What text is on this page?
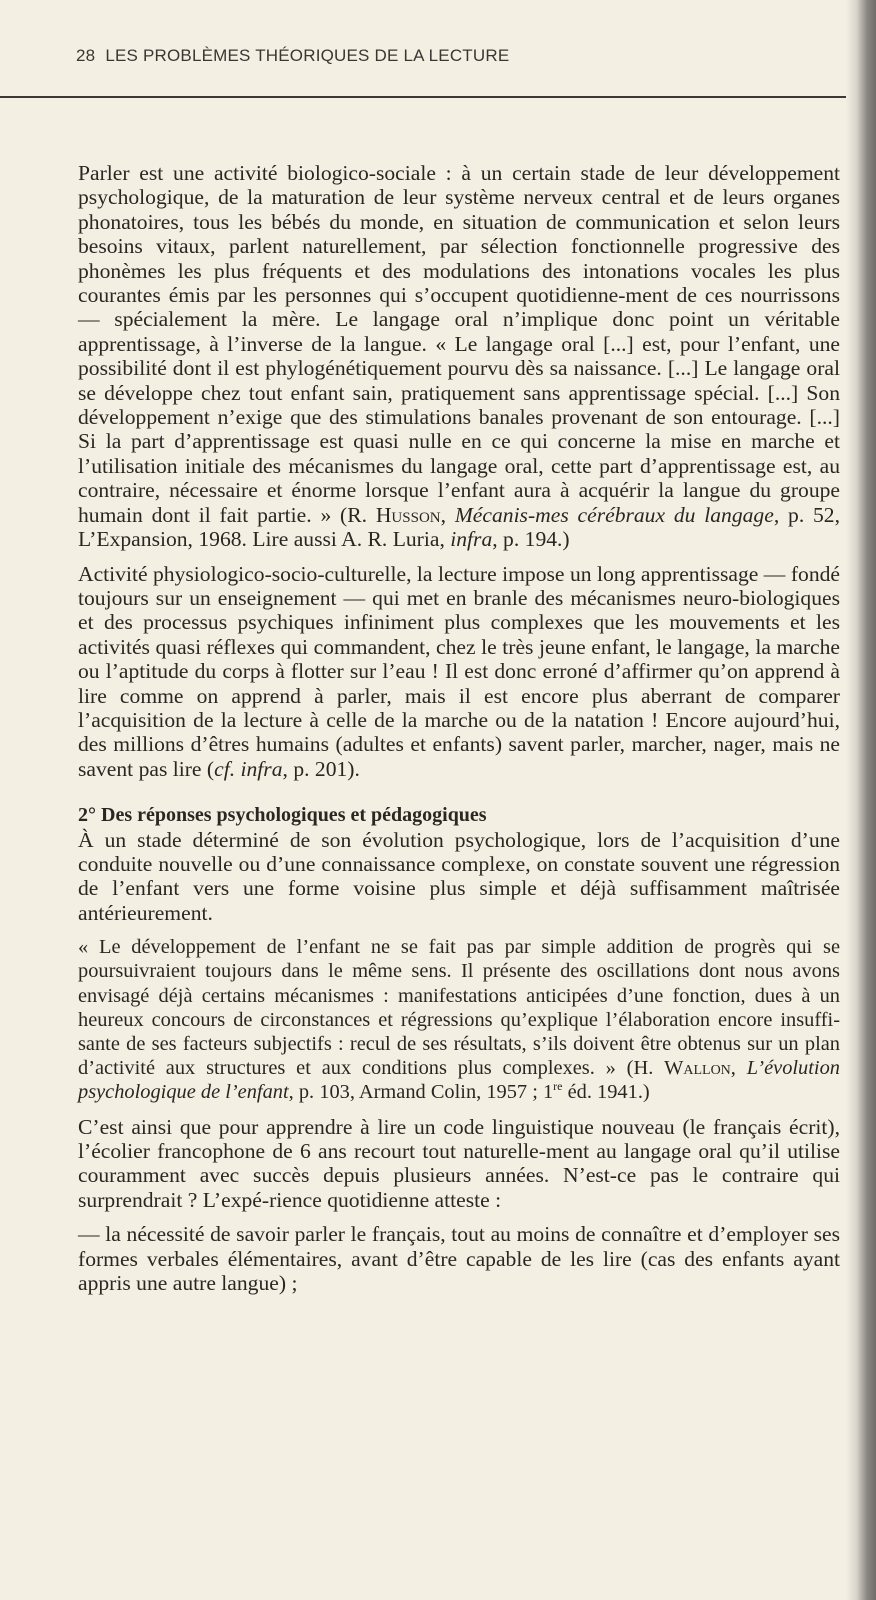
28 LES PROBLÈMES THÉORIQUES DE LA LECTURE

Parler est une activité biologico-sociale : à un certain stade de leur développement psychologique, de la maturation de leur système nerveux central et de leurs organes phonatoires, tous les bébés du monde, en situation de communication et selon leurs besoins vitaux, parlent naturellement, par sélection fonctionnelle progressive des phonèmes les plus fréquents et des modulations des intonations vocales les plus courantes émis par les personnes qui s’occupent quotidienne-ment de ces nourrissons — spécialement la mère. Le langage oral n’implique donc point un véritable apprentissage, à l’inverse de la langue. « Le langage oral [...] est, pour l’enfant, une possibilité dont il est phylogénétiquement pourvu dès sa naissance. [...] Le langage oral se développe chez tout enfant sain, pratiquement sans apprentissage spécial. [...] Son développement n’exige que des stimulations banales provenant de son entourage. [...] Si la part d’apprentissage est quasi nulle en ce qui concerne la mise en marche et l’utilisation initiale des mécanismes du langage oral, cette part d’apprentissage est, au contraire, nécessaire et énorme lorsque l’enfant aura à acquérir la langue du groupe humain dont il fait partie. » (R. Husson, Mécanis-mes cérébraux du langage, p. 52, L’Expansion, 1968. Lire aussi A. R. Luria, infra, p. 194.)

Activité physiologico-socio-culturelle, la lecture impose un long apprentissage — fondé toujours sur un enseignement — qui met en branle des mécanismes neuro-biologiques et des processus psychiques infiniment plus complexes que les mouvements et les activités quasi réflexes qui commandent, chez le très jeune enfant, le langage, la marche ou l’aptitude du corps à flotter sur l’eau ! Il est donc erroné d’affirmer qu’on apprend à lire comme on apprend à parler, mais il est encore plus aberrant de comparer l’acquisition de la lecture à celle de la marche ou de la natation ! Encore aujourd’hui, des millions d’êtres humains (adultes et enfants) savent parler, marcher, nager, mais ne savent pas lire (cf. infra, p. 201).

2° Des réponses psychologiques et pédagogiques

À un stade déterminé de son évolution psychologique, lors de l’acquisition d’une conduite nouvelle ou d’une connaissance complexe, on constate souvent une régression de l’enfant vers une forme voisine plus simple et déjà suffisamment maîtrisée antérieurement.

« Le développement de l’enfant ne se fait pas par simple addition de progrès qui se poursuivraient toujours dans le même sens. Il présente des oscillations dont nous avons envisagé déjà certains mécanismes : manifestations anticipées d’une fonction, dues à un heureux concours de circonstances et régressions qu’explique l’élaboration encore insuffi-sante de ses facteurs subjectifs : recul de ses résultats, s’ils doivent être obtenus sur un plan d’activité aux structures et aux conditions plus complexes. » (H. Wallon, L’évolution psychologique de l’enfant, p. 103, Armand Colin, 1957 ; 1re éd. 1941.)

C’est ainsi que pour apprendre à lire un code linguistique nouveau (le français écrit), l’écolier francophone de 6 ans recourt tout naturelle-ment au langage oral qu’il utilise couramment avec succès depuis plusieurs années. N’est-ce pas le contraire qui surprendrait ? L’expé-rience quotidienne atteste :

— la nécessité de savoir parler le français, tout au moins de connaître et d’employer ses formes verbales élémentaires, avant d’être capable de les lire (cas des enfants ayant appris une autre langue) ;
